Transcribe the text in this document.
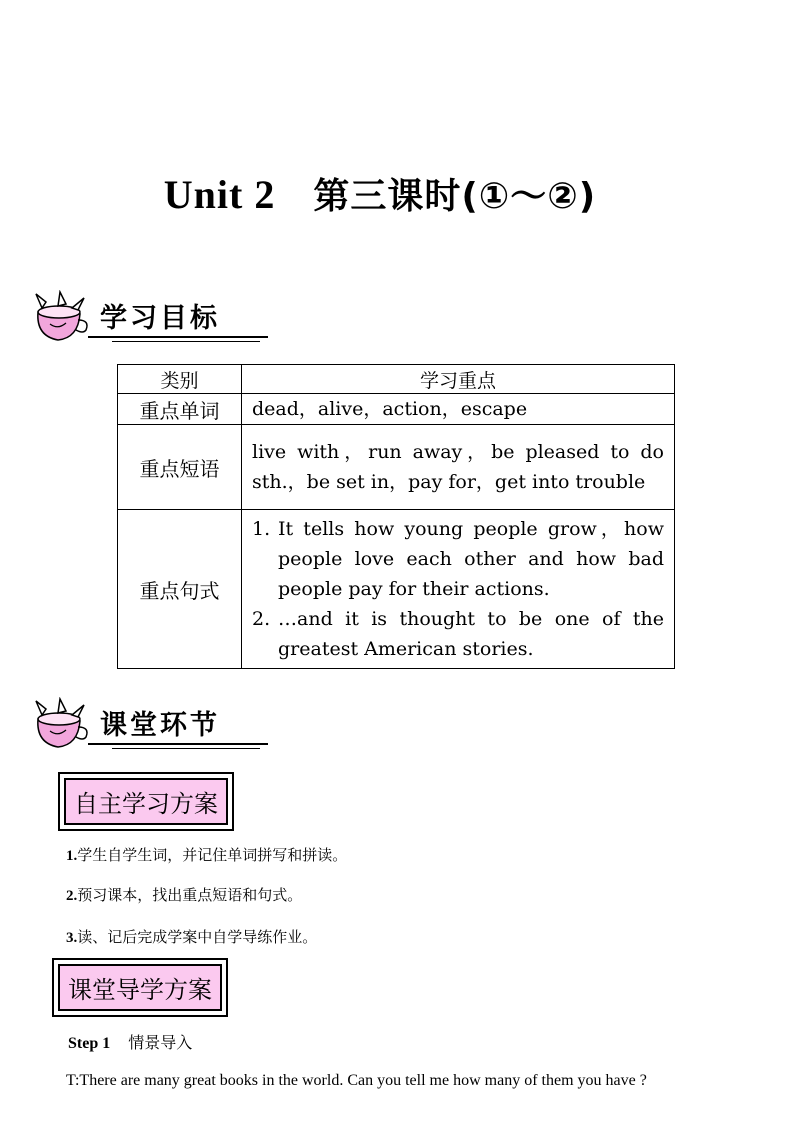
Unit 2 第三课时(①～②)
学习目标
类别	学习重点
重点单词	dead，alive，action，escape
重点短语	live with，run away，be pleased to do sth.，be set in，pay for，get into trouble
重点句式	1. It tells how young people grow，how people love each other and how bad people pay for their actions.
2. …and it is thought to be one of the greatest American stories.
课堂环节
自主学习方案
1.学生自学生词，并记住单词拼写和拼读。
2.预习课本，找出重点短语和句式。
3.读、记后完成学案中自学导练作业。
课堂导学方案
Step 1 情景导入
T:There are many great books in the world. Can you tell me how many of them you have ?
